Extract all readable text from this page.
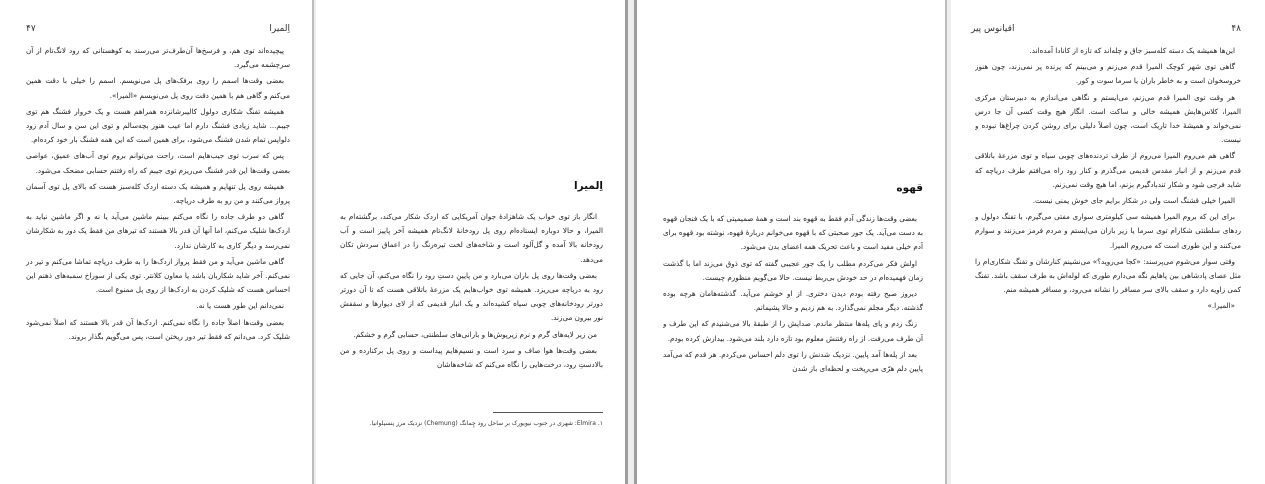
اِلمیرا
۴۷

پیچیده‌اند توی هم، و فرسخ‌ها آن‌طرف‌تر می‌رسند به کوهستانی که رود لانگ‌تام از آن سرچشمه می‌گیرد.

بعضی وقت‌ها اسمم را روی برفک‌های پل می‌نویسم. اسمم را خیلی با دقت همین می‌کنم و گاهی هم با همین دقت روی پل می‌نویسم «المیرا».

همیشه تفنگ شکاری دولول کالیبرشانزده همراهم هست و یک خروار فشنگ هم توی جیبم... شاید زیادی فشنگ دارم اما عیب هنوز بچه‌سالم و توی این سن و سال آدم زود دلواپس تمام شدن فشنگ می‌شود، برای همین است که این همه فشنگ بار خود کرده‌ام.

پس که سرب توی جیب‌هایم است، راحت می‌توانم بروم توی آب‌های عمیق، عواصی بعضی وقت‌ها این قدر فشنگ می‌ریزم توی جیبم که راه رفتنم حسابی مضحک می‌شود.

همیشه روی پل تنهایم و همیشه یک دسته اردک کله‌سبز هست که بالای پل توی آسمان پرواز می‌کنند و من رو به طرف دریاچه.

گاهی دو طرف جاده را نگاه می‌کنم ببینم ماشین می‌آید یا نه و اگر ماشین نیاید به اردک‌ها شلیک می‌کنم، اما آنها آن قدر بالا هستند که تیرهای من فقط یک دور به شکارشان نمی‌رسد و دیگر کاری به کارشان ندارد.

گاهی ماشین می‌آید و من فقط پرواز اردک‌ها را به طرف دریاچه تماشا می‌کنم و تیر در نمی‌کنم. آخر شاید شکاربان باشد یا معاون کلانتر. توی یکی از سوراخ سمبه‌های ذهنم این احساس هست که شلیک کردن به اردک‌ها از روی پل ممنوع است.

نمی‌دانم این طور هست یا نه.

بعضی وقت‌ها اصلاً جاده را نگاه نمی‌کنم. اردک‌ها آن قدر بالا هستند که اصلاً نمی‌شود شلیک کرد. می‌دانم که فقط تیر دور ریختن است، پس می‌گویم بگذار بروند.

اِلمیرا

انگار باز توی خواب یک شاهزادهٔ جوان آمریکایی که اردک شکار می‌کند، برگشته‌ام به المیرا، و حالا دوباره ایستاده‌ام روی پل رودخانهٔ لانگ‌تام همیشه آخر پاییز است و آب رودخانه بالا آمده و گل‌آلود است و شاخه‌های لخت تیره‌رنگ را در اعماق سردش تکان می‌دهد.

بعضی وقت‌ها روی پل باران می‌بارد و من پایینِ دستِ رود را نگاه می‌کنم، آن جایی که رود به دریاچه می‌ریزد. همیشه توی خواب‌هایم یک مزرعهٔ باتلاقی هست که تا آن دورتر دورتر رودخانه‌های چوبی سیاه کشیده‌اند و یک انبار قدیمی که از لای دیوارها و سقفش نور بیرون می‌زند.

من زیر لایه‌های گرم و نرم زیرپوش‌ها و بارانی‌های سلطنتی، حسابی گرم و خشکم.

بعضی وقت‌ها هوا صاف و سرد است و نسیم‌هایم پیداست و روی پل برکنارده و من بالادستِ رود، درخت‌هایی را نگاه می‌کنم که شاخه‌هاشان

۱. Elmira: شهری در جنوب نیویورک بر ساحل رود چِمانگ (Chemung) نزدیک مرز پنسیلوانیا.
قهوه

بعضی وقت‌ها زندگی آدم فقط به قهوه بند است و همهٔ صمیمیتی که با یک فنجان قهوه به دست می‌آید. یک جور صحبتی که با قهوه می‌خوانم دربارهٔ قهوه، نوشته بود قهوه برای آدم خیلی مفید است و باعث تحریک همه اعضای بدن می‌شود.

اولش فکر می‌کردم مطلب را یک جور عجیبی گفته که توی ذوق می‌زند اما با گذشت زمان فهمیده‌ام در حد خودش بی‌ربط نیست. حالا می‌گویم منظورم چیست.

دیروز صبح رفته بودم دیدن دختری. از او خوشم می‌آید. گذشته‌هامان هرچه بوده گذشته. دیگر مجلم نمی‌گذارد. به هم زدیم و حالا پشیمانم.

زنگ زدم و پای پله‌ها منتظر ماندم. صدایش را از طبقهٔ بالا می‌شنیدم که این طرف و آن طرف می‌رفت. از راه رفتنش معلوم بود تازه دارد بلند می‌شود. بیدارش کرده بودم.

بعد از پله‌ها آمد پایین. نزدیک شدنش را توی دلم احساس می‌کردم. هر قدم که می‌آمد پایین دلم هرّی می‌ریخت و لحظه‌ای باز شدن

۴۸
اقیانوس پیر

این‌ها همیشه یک دسته کله‌سبز جاق و چله‌اند که تازه از کانادا آمده‌اند.

گاهی توی شهر کوچک المیرا قدم می‌زنم و می‌بینم که پرنده پر نمی‌زند، چون هنوز خروسخوان است و به خاطر باران یا سرما سوت و کور.

هر وقت توی المیرا قدم می‌زنم، می‌ایستم و نگاهی می‌اندازم به دبیرستان مرکزی المیرا، کلاس‌هایش همیشه خالی و ساکت است. انگار هیچ وقت کسی آن جا درس نمی‌خواند و همیشهٔ خدا تاریک است، چون اصلاً دلیلی برای روشن کردن چراغ‌ها نبوده و نیست.

گاهی هم می‌روم المیرا می‌روم از طرف تردنده‌های چوبی سیاه و توی مزرعهٔ باتلاقی قدم می‌زنم و از انبار مقدس قدیمی می‌گذرم و کنار رود راه می‌افتم طرف دریاچه که شاید فرجی شود و شکار تندبادگیرم بزنم، اما هیچ وقت نمی‌زنم.

المیرا خیلی قشنگ است ولی در شکار برایم جای خوش یمنی نیست.

برای این که بروم المیرا همیشه سی کیلومتری سواری مفتی می‌گیرم، با تفنگ دولول و ردهای سلطنتی شکارام توی سرما یا زیر باران می‌ایستم و مردم فرمز می‌زنند و سوارم می‌کنند و این طوری است که می‌روم المیرا.

وقتی سوار می‌شوم می‌پرسند: «کجا می‌روید؟» می‌نشینم کنارشان و تفنگ شکاری‌ام را مثل عصای پادشاهی بین پاهایم نگه می‌دارم طوری که لوله‌اش به طرف سقف باشد. تفنگ کمی زاویه دارد و سقف بالای سر مسافر را نشانه می‌رود، و مسافر همیشه منم.

«المیرا.»
